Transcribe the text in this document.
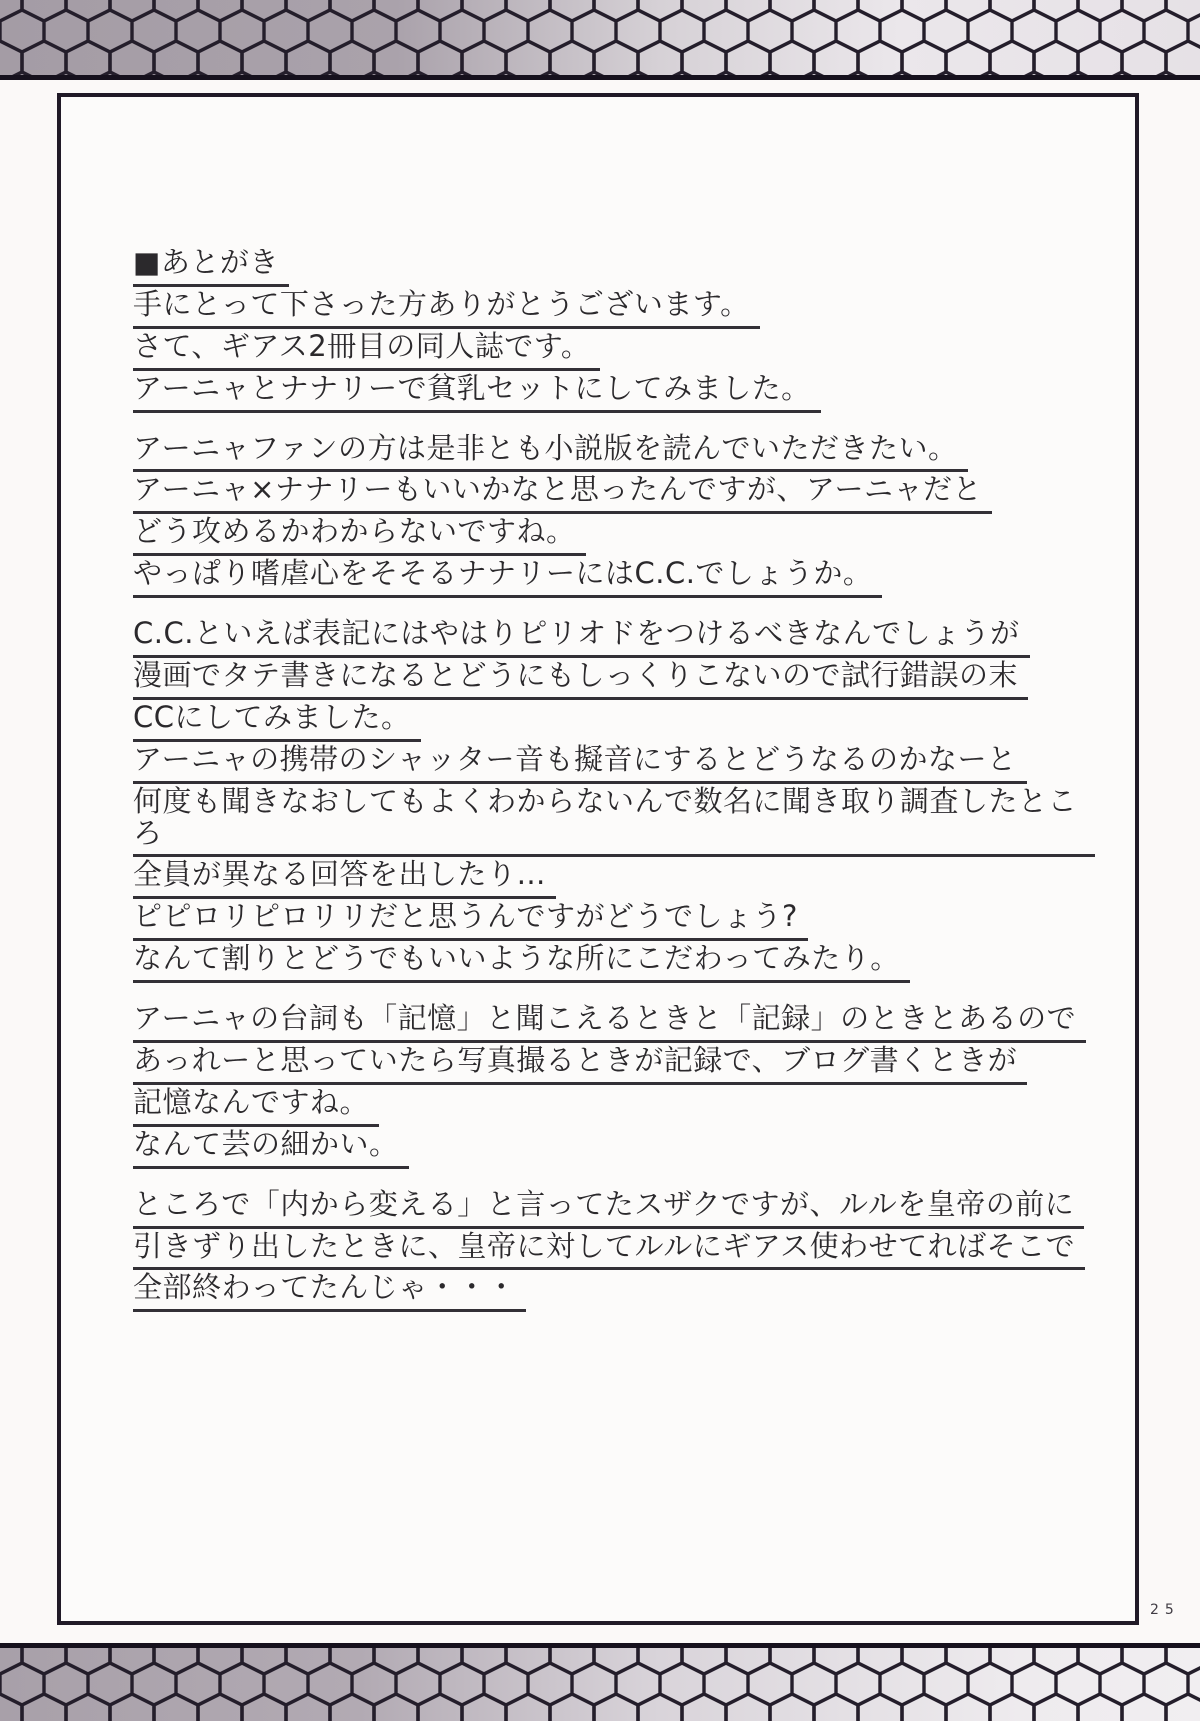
■あとがき
手にとって下さった方ありがとうございます。
さて、ギアス2冊目の同人誌です。
アーニャとナナリーで貧乳セットにしてみました。
アーニャファンの方は是非とも小説版を読んでいただきたい。
アーニャ×ナナリーもいいかなと思ったんですが、アーニャだと
どう攻めるかわからないですね。
やっぱり嗜虐心をそそるナナリーにはC.C.でしょうか。
C.C.といえば表記にはやはりピリオドをつけるべきなんでしょうが
漫画でタテ書きになるとどうにもしっくりこないので試行錯誤の末
CCにしてみました。
アーニャの携帯のシャッター音も擬音にするとどうなるのかなーと
何度も聞きなおしてもよくわからないんで数名に聞き取り調査したところ
全員が異なる回答を出したり…
ピピロリピロリリだと思うんですがどうでしょう?
なんて割りとどうでもいいような所にこだわってみたり。
アーニャの台詞も「記憶」と聞こえるときと「記録」のときとあるので
あっれーと思っていたら写真撮るときが記録で、ブログ書くときが
記憶なんですね。
なんて芸の細かい。
ところで「内から変える」と言ってたスザクですが、ルルを皇帝の前に
引きずり出したときに、皇帝に対してルルにギアス使わせてればそこで
全部終わってたんじゃ・・・
25
